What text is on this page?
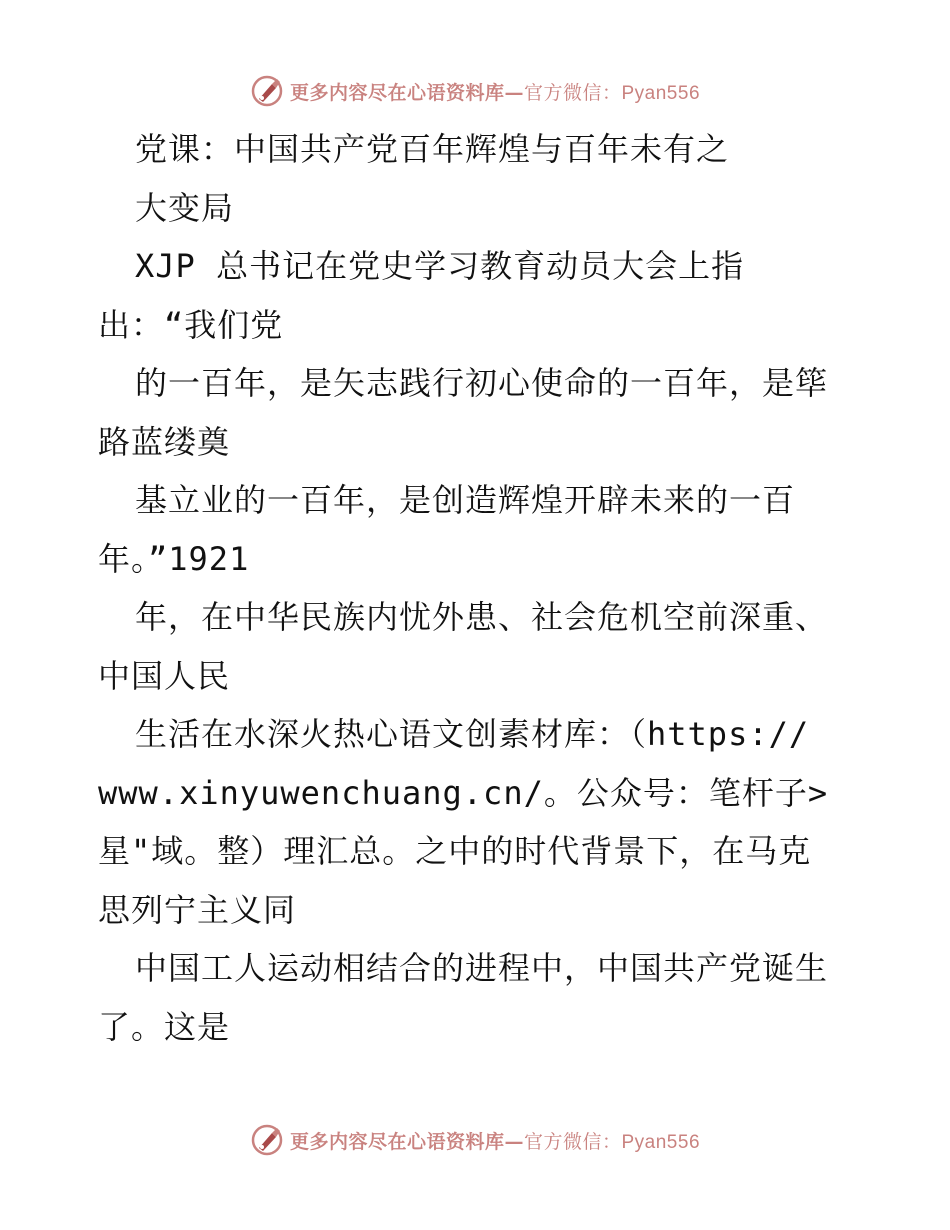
更多内容尽在心语资料库—官方微信：Pyan556
党课：中国共产党百年辉煌与百年未有之
大变局
XJP 总书记在党史学习教育动员大会上指
出：“我们党
的一百年，是矢志践行初心使命的一百年，是筚
路蓝缕奠
基立业的一百年，是创造辉煌开辟未来的一百
年。”1921
年，在中华民族内忧外患、社会危机空前深重、
中国人民
生活在水深火热心语文创素材库：（https://
www.xinyuwenchuang.cn/。公众号：笔杆子>
星"域。整）理汇总。之中的时代背景下，在马克
思列宁主义同
中国工人运动相结合的进程中，中国共产党诞生
了。这是
更多内容尽在心语资料库—官方微信：Pyan556
